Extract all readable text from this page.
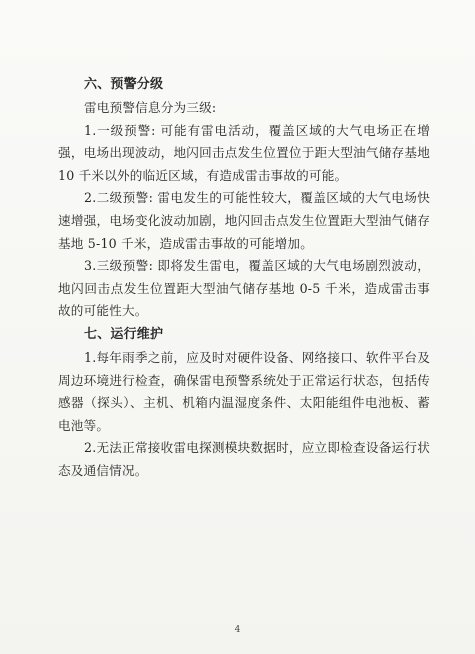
六、预警分级

雷电预警信息分为三级:

1.一级预警: 可能有雷电活动，覆盖区域的大气电场正在增强，电场出现波动，地闪回击点发生位置位于距大型油气储存基地 10 千米以外的临近区域，有造成雷击事故的可能。

2.二级预警: 雷电发生的可能性较大，覆盖区域的大气电场快速增强，电场变化波动加剧，地闪回击点发生位置距大型油气储存基地 5-10 千米，造成雷击事故的可能增加。

3.三级预警: 即将发生雷电，覆盖区域的大气电场剧烈波动，地闪回击点发生位置距大型油气储存基地 0-5 千米，造成雷击事故的可能性大。

七、运行维护

1.每年雨季之前，应及时对硬件设备、网络接口、软件平台及周边环境进行检查，确保雷电预警系统处于正常运行状态，包括传感器（探头）、主机、机箱内温湿度条件、太阳能组件电池板、蓄电池等。

2.无法正常接收雷电探测模块数据时，应立即检查设备运行状态及通信情况。

4
